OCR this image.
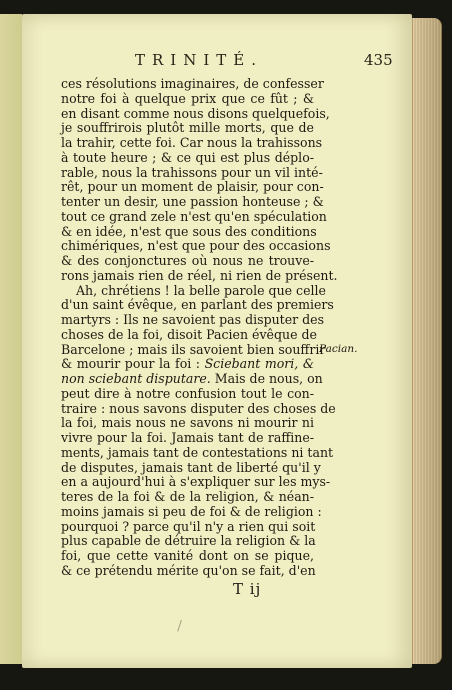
TRINITÉ.	435
ces résolutions imaginaires, de confesser
notre foi à quelque prix que ce fût ; &
en disant comme nous disons quelquefois,
je souffrirois plutôt mille morts, que de
la trahir, cette foi. Car nous la trahissons
à toute heure ; & ce qui est plus déplo-
rable, nous la trahissons pour un vil inté-
rêt, pour un moment de plaisir, pour con-
tenter un desir, une passion honteuse ; &
tout ce grand zele n'est qu'en spéculation
& en idée, n'est que sous des conditions
chimériques, n'est que pour des occasions
& des conjonctures où nous ne trouve-
rons jamais rien de réel, ni rien de présent.
Ah, chrétiens ! la belle parole que celle
d'un saint évêque, en parlant des premiers
martyrs : Ils ne savoient pas disputer des
choses de la foi, disoit Pacien évêque de
Barcelone ; mais ils savoient bien souffrir
& mourir pour la foi : Sciebant mori, &
non sciebant disputare. Mais de nous, on
peut dire à notre confusion tout le con-
traire : nous savons disputer des choses de
la foi, mais nous ne savons ni mourir ni
vivre pour la foi. Jamais tant de raffine-
ments, jamais tant de contestations ni tant
de disputes, jamais tant de liberté qu'il y
en a aujourd'hui à s'expliquer sur les mys-
teres de la foi & de la religion, & néan-
moins jamais si peu de foi & de religion :
pourquoi ? parce qu'il n'y a rien qui soit
plus capable de détruire la religion & la
foi, que cette vanité dont on se pique,
& ce prétendu mérite qu'on se fait, d'en
Pacian.
T ij
